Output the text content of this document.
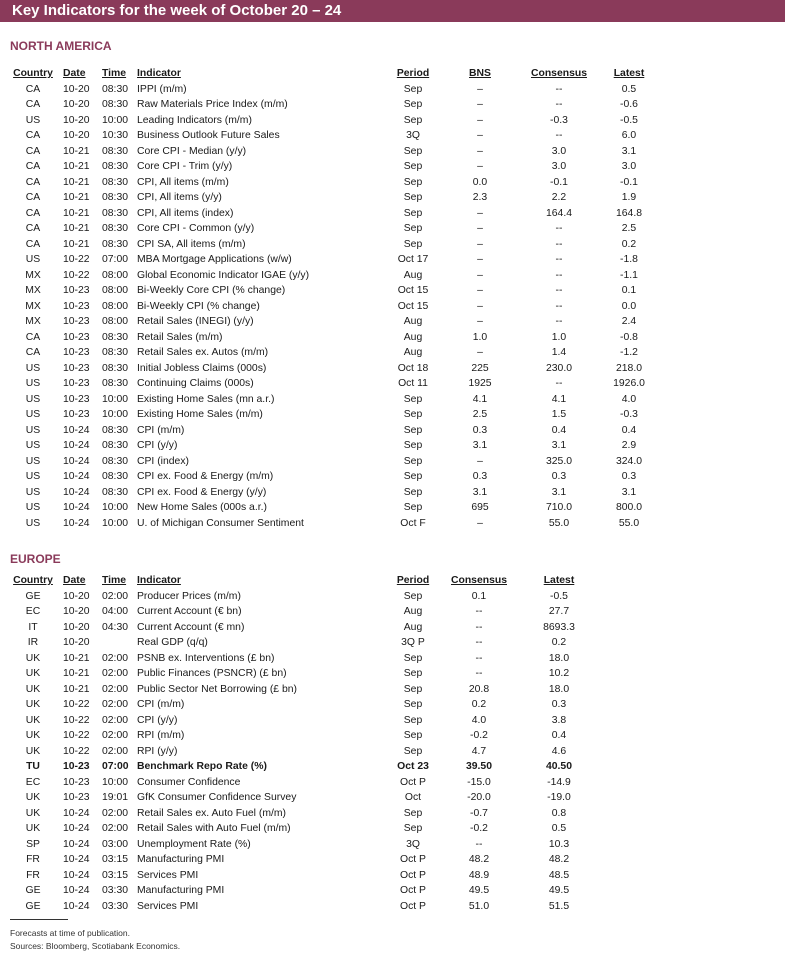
Key Indicators for the week of October 20 – 24
NORTH AMERICA
Country Date	Time	Indicator	Period	BNS	Consensus	Latest
CA	10-20	08:30 IPPI (m/m)	Sep	–	--	0.5
CA	10-20	08:30 Raw Materials Price Index (m/m)	Sep	–	--	-0.6
US	10-20	10:00 Leading Indicators (m/m)	Sep	–	-0.3	-0.5
CA	10-20	10:30 Business Outlook Future Sales	3Q	–	--	6.0
CA	10-21	08:30 Core CPI - Median (y/y)	Sep	–	3.0	3.1
CA	10-21	08:30 Core CPI - Trim (y/y)	Sep	–	3.0	3.0
CA	10-21	08:30 CPI, All items (m/m)	Sep	0.0	-0.1	-0.1
CA	10-21	08:30 CPI, All items (y/y)	Sep	2.3	2.2	1.9
CA	10-21	08:30 CPI, All items (index)	Sep	–	164.4	164.8
CA	10-21	08:30 Core CPI - Common (y/y)	Sep	–	--	2.5
CA	10-21	08:30 CPI SA, All items (m/m)	Sep	–	--	0.2
US	10-22	07:00 MBA Mortgage Applications (w/w)	Oct 17	–	--	-1.8
MX	10-22	08:00 Global Economic Indicator IGAE (y/y)	Aug	–	--	-1.1
MX	10-23	08:00 Bi-Weekly Core CPI (% change)	Oct 15	–	--	0.1
MX	10-23	08:00 Bi-Weekly CPI (% change)	Oct 15	–	--	0.0
MX	10-23	08:00 Retail Sales (INEGI) (y/y)	Aug	–	--	2.4
CA	10-23	08:30 Retail Sales (m/m)	Aug	1.0	1.0	-0.8
CA	10-23	08:30 Retail Sales ex. Autos (m/m)	Aug	–	1.4	-1.2
US	10-23	08:30 Initial Jobless Claims (000s)	Oct 18	225	230.0	218.0
US	10-23	08:30 Continuing Claims (000s)	Oct 11	1925	--	1926.0
US	10-23	10:00 Existing Home Sales (mn a.r.)	Sep	4.1	4.1	4.0
US	10-23	10:00 Existing Home Sales (m/m)	Sep	2.5	1.5	-0.3
US	10-24	08:30 CPI (m/m)	Sep	0.3	0.4	0.4
US	10-24	08:30 CPI (y/y)	Sep	3.1	3.1	2.9
US	10-24	08:30 CPI (index)	Sep	–	325.0	324.0
US	10-24	08:30 CPI ex. Food & Energy (m/m)	Sep	0.3	0.3	0.3
US	10-24	08:30 CPI ex. Food & Energy (y/y)	Sep	3.1	3.1	3.1
US	10-24	10:00 New Home Sales (000s a.r.)	Sep	695	710.0	800.0
US	10-24	10:00 U. of Michigan Consumer Sentiment	Oct F	–	55.0	55.0
EUROPE
Country Date	Time	Indicator	Period	Consensus	Latest
GE	10-20	02:00 Producer Prices (m/m)	Sep	0.1	-0.5
EC	10-20	04:00 Current Account (€ bn)	Aug	--	27.7
IT	10-20	04:30 Current Account (€ mn)	Aug	--	8693.3
IR	10-20	Real GDP (q/q)	3Q P	--	0.2
UK	10-21	02:00 PSNB ex. Interventions (£ bn)	Sep	--	18.0
UK	10-21	02:00 Public Finances (PSNCR) (£ bn)	Sep	--	10.2
UK	10-21	02:00 Public Sector Net Borrowing (£ bn)	Sep	20.8	18.0
UK	10-22	02:00 CPI (m/m)	Sep	0.2	0.3
UK	10-22	02:00 CPI (y/y)	Sep	4.0	3.8
UK	10-22	02:00 RPI (m/m)	Sep	-0.2	0.4
UK	10-22	02:00 RPI (y/y)	Sep	4.7	4.6
TU	10-23	07:00 Benchmark Repo Rate (%)	Oct 23	39.50	40.50
EC	10-23	10:00 Consumer Confidence	Oct P	-15.0	-14.9
UK	10-23	19:01 GfK Consumer Confidence Survey	Oct	-20.0	-19.0
UK	10-24	02:00 Retail Sales ex. Auto Fuel (m/m)	Sep	-0.7	0.8
UK	10-24	02:00 Retail Sales with Auto Fuel (m/m)	Sep	-0.2	0.5
SP	10-24	03:00 Unemployment Rate (%)	3Q	--	10.3
FR	10-24	03:15 Manufacturing PMI	Oct P	48.2	48.2
FR	10-24	03:15 Services PMI	Oct P	48.9	48.5
GE	10-24	03:30 Manufacturing PMI	Oct P	49.5	49.5
GE	10-24	03:30 Services PMI	Oct P	51.0	51.5
Forecasts at time of publication.
Sources: Bloomberg, Scotiabank Economics.
